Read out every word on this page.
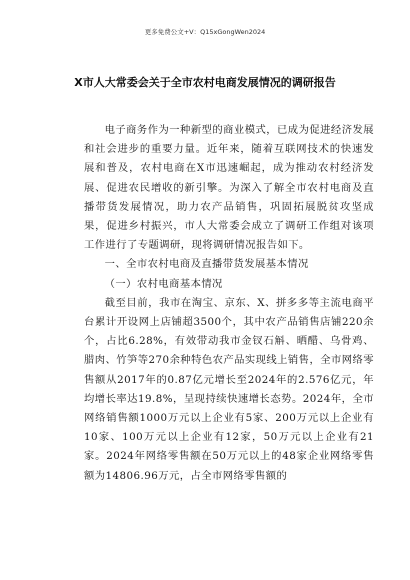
更多免费公文+V：Q15xGongWen2024
X市人大常委会关于全市农村电商发展情况的调研报告

电子商务作为一种新型的商业模式，已成为促进经济发展和社会进步的重要力量。近年来，随着互联网技术的快速发展和普及，农村电商在X市迅速崛起，成为推动农村经济发展、促进农民增收的新引擎。为深入了解全市农村电商及直播带货发展情况，助力农产品销售，巩固拓展脱贫攻坚成果，促进乡村振兴，市人大常委会成立了调研工作组对该项工作进行了专题调研，现将调研情况报告如下。

一、全市农村电商及直播带货发展基本情况

（一）农村电商基本情况

截至目前，我市在淘宝、京东、X、拼多多等主流电商平台累计开设网上店铺超3500个，其中农产品销售店铺220余个，占比6.28%，有效带动我市金钗石斛、晒醋、乌骨鸡、腊肉、竹笋等270余种特色农产品实现线上销售，全市网络零售额从2017年的0.87亿元增长至2024年的2.576亿元，年均增长率达19.8%，呈现持续快速增长态势。2024年，全市网络销售额1000万元以上企业有5家、200万元以上企业有10家、100万元以上企业有12家，50万元以上企业有21家。2024年网络零售额在50万元以上的48家企业网络零售额为14806.96万元，占全市网络零售额的
